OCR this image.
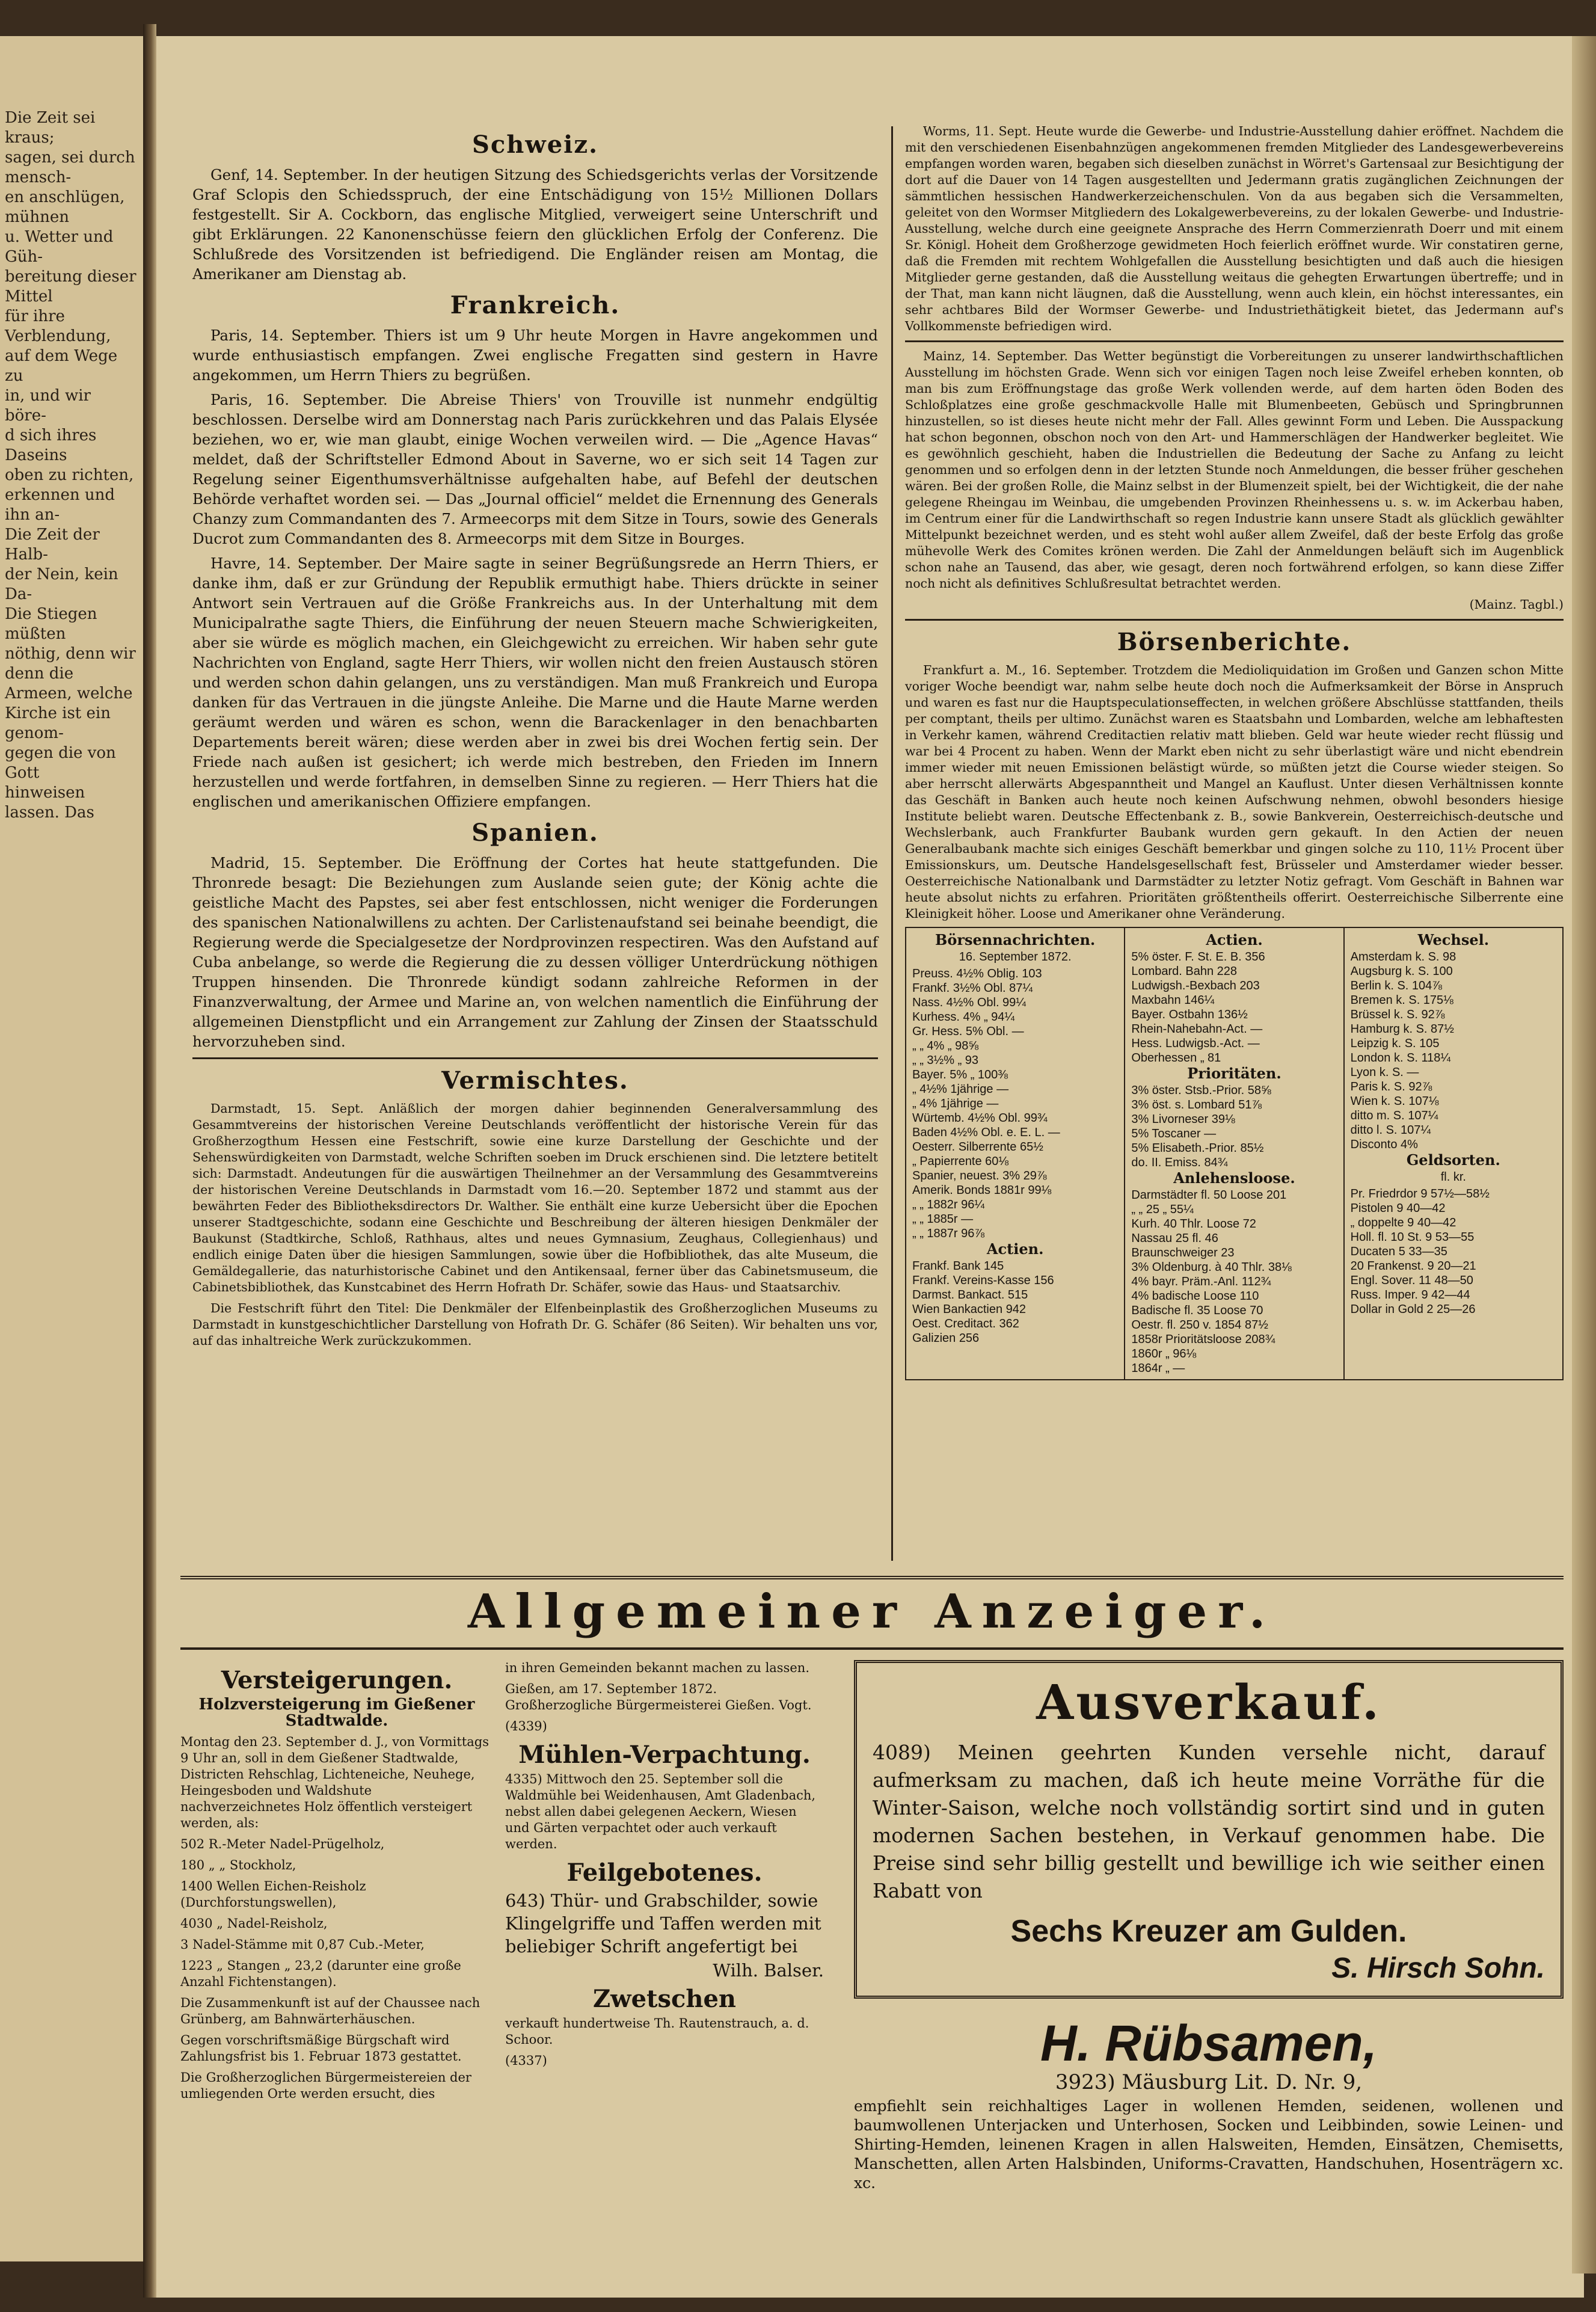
Die Zeit sei kraus;
sagen, sei durch mensch-
en anschlügen, mühnen
u. Wetter und Güh-
bereitung dieser Mittel
für ihre Verblendung,
auf dem Wege zu
in, und wir böre-
d sich ihres Daseins
oben zu richten,
erkennen und ihn an-
Die Zeit der Halb-
der Nein, kein Da-
Die Stiegen müßten
nöthig, denn wir
denn die Armeen, welche
Kirche ist ein genom-
gegen die von Gott
hinweisen lassen. Das
Schweiz.

Genf, 14. September. In der heutigen Sitzung des Schiedsgerichts verlas der Vorsitzende Graf Sclopis den Schiedsspruch, der eine Entschädigung von 15½ Millionen Dollars festgestellt. Sir A. Cockborn, das englische Mitglied, verweigert seine Unterschrift und gibt Erklärungen. 22 Kanonenschüsse feiern den glücklichen Erfolg der Conferenz. Die Schlußrede des Vorsitzenden ist befriedigend. Die Engländer reisen am Montag, die Amerikaner am Dienstag ab.

Frankreich.

Paris, 14. September. Thiers ist um 9 Uhr heute Morgen in Havre angekommen und wurde enthusiastisch empfangen. Zwei englische Fregatten sind gestern in Havre angekommen, um Herrn Thiers zu begrüßen.

Paris, 16. September. Die Abreise Thiers' von Trouville ist nunmehr endgültig beschlossen. Derselbe wird am Donnerstag nach Paris zurückkehren und das Palais Elysée beziehen, wo er, wie man glaubt, einige Wochen verweilen wird. — Die „Agence Havas“ meldet, daß der Schriftsteller Edmond About in Saverne, wo er sich seit 14 Tagen zur Regelung seiner Eigenthumsverhältnisse aufgehalten habe, auf Befehl der deutschen Behörde verhaftet worden sei. — Das „Journal officiel“ meldet die Ernennung des Generals Chanzy zum Commandanten des 7. Armeecorps mit dem Sitze in Tours, sowie des Generals Ducrot zum Commandanten des 8. Armeecorps mit dem Sitze in Bourges.

Havre, 14. September. Der Maire sagte in seiner Begrüßungsrede an Herrn Thiers, er danke ihm, daß er zur Gründung der Republik ermuthigt habe. Thiers drückte in seiner Antwort sein Vertrauen auf die Größe Frankreichs aus. In der Unterhaltung mit dem Municipalrathe sagte Thiers, die Einführung der neuen Steuern mache Schwierigkeiten, aber sie würde es möglich machen, ein Gleichgewicht zu erreichen. Wir haben sehr gute Nachrichten von England, sagte Herr Thiers, wir wollen nicht den freien Austausch stören und werden schon dahin gelangen, uns zu verständigen. Man muß Frankreich und Europa danken für das Vertrauen in die jüngste Anleihe. Die Marne und die Haute Marne werden geräumt werden und wären es schon, wenn die Barackenlager in den benachbarten Departements bereit wären; diese werden aber in zwei bis drei Wochen fertig sein. Der Friede nach außen ist gesichert; ich werde mich bestreben, den Frieden im Innern herzustellen und werde fortfahren, in demselben Sinne zu regieren. — Herr Thiers hat die englischen und amerikanischen Offiziere empfangen.

Spanien.

Madrid, 15. September. Die Eröffnung der Cortes hat heute stattgefunden. Die Thronrede besagt: Die Beziehungen zum Auslande seien gute; der König achte die geistliche Macht des Papstes, sei aber fest entschlossen, nicht weniger die Forderungen des spanischen Nationalwillens zu achten. Der Carlistenaufstand sei beinahe beendigt, die Regierung werde die Specialgesetze der Nordprovinzen respectiren. Was den Aufstand auf Cuba anbelange, so werde die Regierung die zu dessen völliger Unterdrückung nöthigen Truppen hinsenden. Die Thronrede kündigt sodann zahlreiche Reformen in der Finanzverwaltung, der Armee und Marine an, von welchen namentlich die Einführung der allgemeinen Dienstpflicht und ein Arrangement zur Zahlung der Zinsen der Staatsschuld hervorzuheben sind.

Vermischtes.

Darmstadt, 15. Sept. Anläßlich der morgen dahier beginnenden Generalversammlung des Gesammtvereins der historischen Vereine Deutschlands veröffentlicht der historische Verein für das Großherzogthum Hessen eine Festschrift, sowie eine kurze Darstellung der Geschichte und der Sehenswürdigkeiten von Darmstadt, welche Schriften soeben im Druck erschienen sind. Die letztere betitelt sich: Darmstadt. Andeutungen für die auswärtigen Theilnehmer an der Versammlung des Gesammtvereins der historischen Vereine Deutschlands in Darmstadt vom 16.—20. September 1872 und stammt aus der bewährten Feder des Bibliotheksdirectors Dr. Walther. Sie enthält eine kurze Uebersicht über die Epochen unserer Stadtgeschichte, sodann eine Geschichte und Beschreibung der älteren hiesigen Denkmäler der Baukunst (Stadtkirche, Schloß, Rathhaus, altes und neues Gymnasium, Zeughaus, Collegienhaus) und endlich einige Daten über die hiesigen Sammlungen, sowie über die Hofbibliothek, das alte Museum, die Gemäldegallerie, das naturhistorische Cabinet und den Antikensaal, ferner über das Cabinetsmuseum, die Cabinetsbibliothek, das Kunstcabinet des Herrn Hofrath Dr. Schäfer, sowie das Haus- und Staatsarchiv.

Die Festschrift führt den Titel: Die Denkmäler der Elfenbeinplastik des Großherzoglichen Museums zu Darmstadt in kunstgeschichtlicher Darstellung von Hofrath Dr. G. Schäfer (86 Seiten). Wir behalten uns vor, auf das inhaltreiche Werk zurückzukommen.

Worms, 11. Sept. Heute wurde die Gewerbe- und Industrie-Ausstellung dahier eröffnet. Nachdem die mit den verschiedenen Eisenbahnzügen angekommenen fremden Mitglieder des Landesgewerbevereins empfangen worden waren, begaben sich dieselben zunächst in Wörret's Gartensaal zur Besichtigung der dort auf die Dauer von 14 Tagen ausgestellten und Jedermann gratis zugänglichen Zeichnungen der sämmtlichen hessischen Handwerkerzeichenschulen. Von da aus begaben sich die Versammelten, geleitet von den Wormser Mitgliedern des Lokalgewerbevereins, zu der lokalen Gewerbe- und Industrie-Ausstellung, welche durch eine geeignete Ansprache des Herrn Commerzienrath Doerr und mit einem Sr. Königl. Hoheit dem Großherzoge gewidmeten Hoch feierlich eröffnet wurde. Wir constatiren gerne, daß die Fremden mit rechtem Wohlgefallen die Ausstellung besichtigten und daß auch die hiesigen Mitglieder gerne gestanden, daß die Ausstellung weitaus die gehegten Erwartungen übertreffe; und in der That, man kann nicht läugnen, daß die Ausstellung, wenn auch klein, ein höchst interessantes, ein sehr achtbares Bild der Wormser Gewerbe- und Industriethätigkeit bietet, das Jedermann auf's Vollkommenste befriedigen wird.

Mainz, 14. September. Das Wetter begünstigt die Vorbereitungen zu unserer landwirthschaftlichen Ausstellung im höchsten Grade. Wenn sich vor einigen Tagen noch leise Zweifel erheben konnten, ob man bis zum Eröffnungstage das große Werk vollenden werde, auf dem harten öden Boden des Schloßplatzes eine große geschmackvolle Halle mit Blumenbeeten, Gebüsch und Springbrunnen hinzustellen, so ist dieses heute nicht mehr der Fall. Alles gewinnt Form und Leben. Die Ausspackung hat schon begonnen, obschon noch von den Art- und Hammerschlägen der Handwerker begleitet. Wie es gewöhnlich geschieht, haben die Industriellen die Bedeutung der Sache zu Anfang zu leicht genommen und so erfolgen denn in der letzten Stunde noch Anmeldungen, die besser früher geschehen wären. Bei der großen Rolle, die Mainz selbst in der Blumenzeit spielt, bei der Wichtigkeit, die der nahe gelegene Rheingau im Weinbau, die umgebenden Provinzen Rheinhessens u. s. w. im Ackerbau haben, im Centrum einer für die Landwirthschaft so regen Industrie kann unsere Stadt als glücklich gewählter Mittelpunkt bezeichnet werden, und es steht wohl außer allem Zweifel, daß der beste Erfolg das große mühevolle Werk des Comites krönen werden. Die Zahl der Anmeldungen beläuft sich im Augenblick schon nahe an Tausend, das aber, wie gesagt, deren noch fortwährend erfolgen, so kann diese Ziffer noch nicht als definitives Schlußresultat betrachtet werden.

(Mainz. Tagbl.)

Börsenberichte.

Frankfurt a. M., 16. September. Trotzdem die Medioliquidation im Großen und Ganzen schon Mitte voriger Woche beendigt war, nahm selbe heute doch noch die Aufmerksamkeit der Börse in Anspruch und waren es fast nur die Hauptspeculationseffecten, in welchen größere Abschlüsse stattfanden, theils per comptant, theils per ultimo. Zunächst waren es Staatsbahn und Lombarden, welche am lebhaftesten in Verkehr kamen, während Creditactien relativ matt blieben. Geld war heute wieder recht flüssig und war bei 4 Procent zu haben. Wenn der Markt eben nicht zu sehr überlastigt wäre und nicht ebendrein immer wieder mit neuen Emissionen belästigt würde, so müßten jetzt die Course wieder steigen. So aber herrscht allerwärts Abgespanntheit und Mangel an Kauflust. Unter diesen Verhältnissen konnte das Geschäft in Banken auch heute noch keinen Aufschwung nehmen, obwohl besonders hiesige Institute beliebt waren. Deutsche Effectenbank z. B., sowie Bankverein, Oesterreichisch-deutsche und Wechslerbank, auch Frankfurter Baubank wurden gern gekauft. In den Actien der neuen Generalbaubank machte sich einiges Geschäft bemerkbar und gingen solche zu 110, 11½ Procent über Emissionskurs, um. Deutsche Handelsgesellschaft fest, Brüsseler und Amsterdamer wieder besser. Oesterreichische Nationalbank und Darmstädter zu letzter Notiz gefragt. Vom Geschäft in Bahnen war heute absolut nichts zu erfahren. Prioritäten größtentheils offerirt. Oesterreichische Silberrente eine Kleinigkeit höher. Loose und Amerikaner ohne Veränderung.

Börsennachrichten.
16. September 1872.
Preuss. 4½% Oblig. 103
Frankf. 3½% Obl. 87¼
Nass. 4½% Obl. 99¼
Kurhess. 4% „ 94¼
Gr. Hess. 5% Obl. —
„ „ 4% „ 98⅝
„ „ 3½% „ 93
Bayer. 5% „ 100⅜
„ 4½% 1jährige —
„ 4% 1jährige —
Würtemb. 4½% Obl. 99¾
Baden 4½% Obl. e. E. L. —
Oesterr. Silberrente 65½
„ Papierrente 60⅛
Spanier, neuest. 3% 29⅞
Amerik. Bonds 1881r 99⅛
„ „ 1882r 96¼
„ „ 1885r —
„ „ 1887r 96⅞
Actien.
Frankf. Bank 145
Frankf. Vereins-Kasse 156
Darmst. Bankact. 515
Wien Bankactien 942
Oest. Creditact. 362
Galizien 256
Actien.
5% öster. F. St. E. B. 356
Lombard. Bahn 228
Ludwigsh.-Bexbach 203
Maxbahn 146¼
Bayer. Ostbahn 136½
Rhein-Nahebahn-Act. —
Hess. Ludwigsb.-Act. —
Oberhessen „ 81
Prioritäten.
3% öster. Stsb.-Prior. 58⅝
3% öst. s. Lombard 51⅞
3% Livorneser 39⅛
5% Toscaner —
5% Elisabeth.-Prior. 85½
do. II. Emiss. 84¾
Anlehensloose.
Darmstädter fl. 50 Loose 201
„ „ 25 „ 55¼
Kurh. 40 Thlr. Loose 72
Nassau 25 fl. 46
Braunschweiger 23
3% Oldenburg. à 40 Thlr. 38⅛
4% bayr. Präm.-Anl. 112¾
4% badische Loose 110
Badische fl. 35 Loose 70
Oestr. fl. 250 v. 1854 87½
1858r Prioritätsloose 208¾
1860r „ 96⅛
1864r „ —
Wechsel.
Amsterdam k. S. 98
Augsburg k. S. 100
Berlin k. S. 104⅞
Bremen k. S. 175⅛
Brüssel k. S. 92⅞
Hamburg k. S. 87½
Leipzig k. S. 105
London k. S. 118¼
Lyon k. S. —
Paris k. S. 92⅞
Wien k. S. 107⅛
ditto m. S. 107¼
ditto l. S. 107¼
Disconto 4%
Geldsorten.
fl. kr.
Pr. Friedrdor 9 57½—58½
Pistolen 9 40—42
„ doppelte 9 40—42
Holl. fl. 10 St. 9 53—55
Ducaten 5 33—35
20 Frankenst. 9 20—21
Engl. Sover. 11 48—50
Russ. Imper. 9 42—44
Dollar in Gold 2 25—26
Allgemeiner Anzeiger.
Versteigerungen.

Holzversteigerung im Gießener Stadtwalde.

Montag den 23. September d. J., von Vormittags 9 Uhr an, soll in dem Gießener Stadtwalde, Districten Rehschlag, Lichteneiche, Neuhege, Heingesboden und Waldshute nachverzeichnetes Holz öffentlich versteigert werden, als:

502 R.-Meter Nadel-Prügelholz,

180 „ „ Stockholz,

1400 Wellen Eichen-Reisholz (Durchforstungswellen),

4030 „ Nadel-Reisholz,

3 Nadel-Stämme mit 0,87 Cub.-Meter,

1223 „ Stangen „ 23,2 (darunter eine große Anzahl Fichtenstangen).

Die Zusammenkunft ist auf der Chaussee nach Grünberg, am Bahnwärterhäuschen.

Gegen vorschriftsmäßige Bürgschaft wird Zahlungsfrist bis 1. Februar 1873 gestattet.

Die Großherzoglichen Bürgermeistereien der umliegenden Orte werden ersucht, dies

in ihren Gemeinden bekannt machen zu lassen.

Gießen, am 17. September 1872. Großherzogliche Bürgermeisterei Gießen. Vogt.

(4339)

Mühlen-Verpachtung.

4335) Mittwoch den 25. September soll die Waldmühle bei Weidenhausen, Amt Gladenbach, nebst allen dabei gelegenen Aeckern, Wiesen und Gärten verpachtet oder auch verkauft werden.

Feilgebotenes.

643) Thür- und Grabschilder, sowie Klingelgriffe und Taffen werden mit beliebiger Schrift angefertigt bei

Wilh. Balser.

Zwetschen

verkauft hundertweise Th. Rautenstrauch, a. d. Schoor.

(4337)

Ausverkauf.

4089) Meinen geehrten Kunden versehle nicht, darauf aufmerksam zu machen, daß ich heute meine Vorräthe für die Winter-Saison, welche noch vollständig sortirt sind und in guten modernen Sachen bestehen, in Verkauf genommen habe. Die Preise sind sehr billig gestellt und bewillige ich wie seither einen Rabatt von

Sechs Kreuzer am Gulden.
S. Hirsch Sohn.
H. Rübsamen,

3923) Mäusburg Lit. D. Nr. 9,

empfiehlt sein reichhaltiges Lager in wollenen Hemden, seidenen, wollenen und baumwollenen Unterjacken und Unterhosen, Socken und Leibbinden, sowie Leinen- und Shirting-Hemden, leinenen Kragen in allen Halsweiten, Hemden, Einsätzen, Chemisetts, Manschetten, allen Arten Halsbinden, Uniforms-Cravatten, Handschuhen, Hosenträgern xc. xc.
